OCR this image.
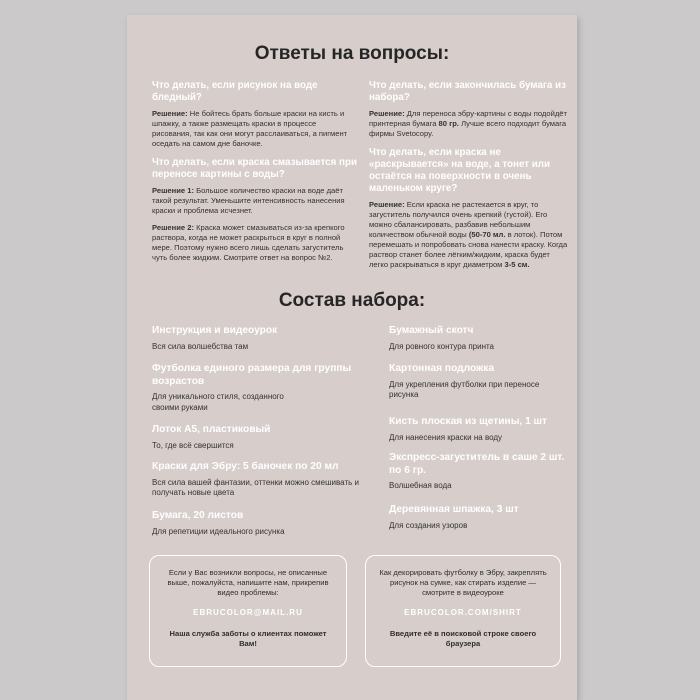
Ответы на вопросы:
Что делать, если рисунок на воде бледный?
Решение: Не бойтесь брать больше краски на кисть и шпажку, а также размещать краски в процессе рисования, так как они могут расслаиваться, а пигмент оседать на самом дне баночке.
Что делать, если краска смазывается при переносе картины с воды?
Решение 1: Большое количество краски на воде даёт такой результат. Уменьшите интенсивность нанесения краски и проблема исчезнет.
Решение 2: Краска может смазываться из-за крепкого раствора, когда не может раскрыться в круг в полной мере. Поэтому нужно всего лишь сделать загуститель чуть более жидким. Смотрите ответ на вопрос №2.
Что делать, если закончилась бумага из набора?
Решение: Для переноса эбру-картины с воды подойдёт принтерная бумага 80 гр. Лучше всего подходит бумага фирмы Svetocopy.
Что делать, если краска не «раскрывается» на воде, а тонет или остаётся на поверхности в очень маленьком круге?
Решение: Если краска не растекается в круг, то загуститель получился очень крепкий (густой). Его можно сбалансировать, разбавив небольшим количеством обычной воды (50-70 мл. в лоток). Потом перемешать и попробовать снова нанести краску. Когда раствор станет более лёгким/жидким, краска будет легко раскрываться в круг диаметром 3-5 см.
Состав набора:
Инструкция и видеоурок
Вся сила волшебства там
Футболка единого размера для группы возрастов
Для уникального стиля, созданного своими руками
Лоток А5, пластиковый
То, где всё свершится
Краски для Эбру: 5 баночек по 20 мл
Вся сила вашей фантазии, оттенки можно смешивать и получать новые цвета
Бумага, 20 листов
Для репетиции идеального рисунка
Бумажный скотч
Для ровного контура принта
Картонная подложка
Для укрепления футболки при переносе рисунка
Кисть плоская из щетины, 1 шт
Для нанесения краски на воду
Экспресс-загуститель в саше 2 шт. по 6 гр.
Волшебная вода
Деревянная шпажка, 3 шт
Для создания узоров
Если у Вас возникли вопросы, не описанные выше, пожалуйста, напишите нам, прикрепив видео проблемы:
EBRUCOLOR@MAIL.RU
Наша служба заботы о клиентах поможет Вам!
Как декорировать футболку в Эбру, закреплять рисунок на сумке, как стирать изделие — смотрите в видеоуроке
EBRUCOLOR.COM/SHIRT
Введите её в поисковой строке своего браузера
